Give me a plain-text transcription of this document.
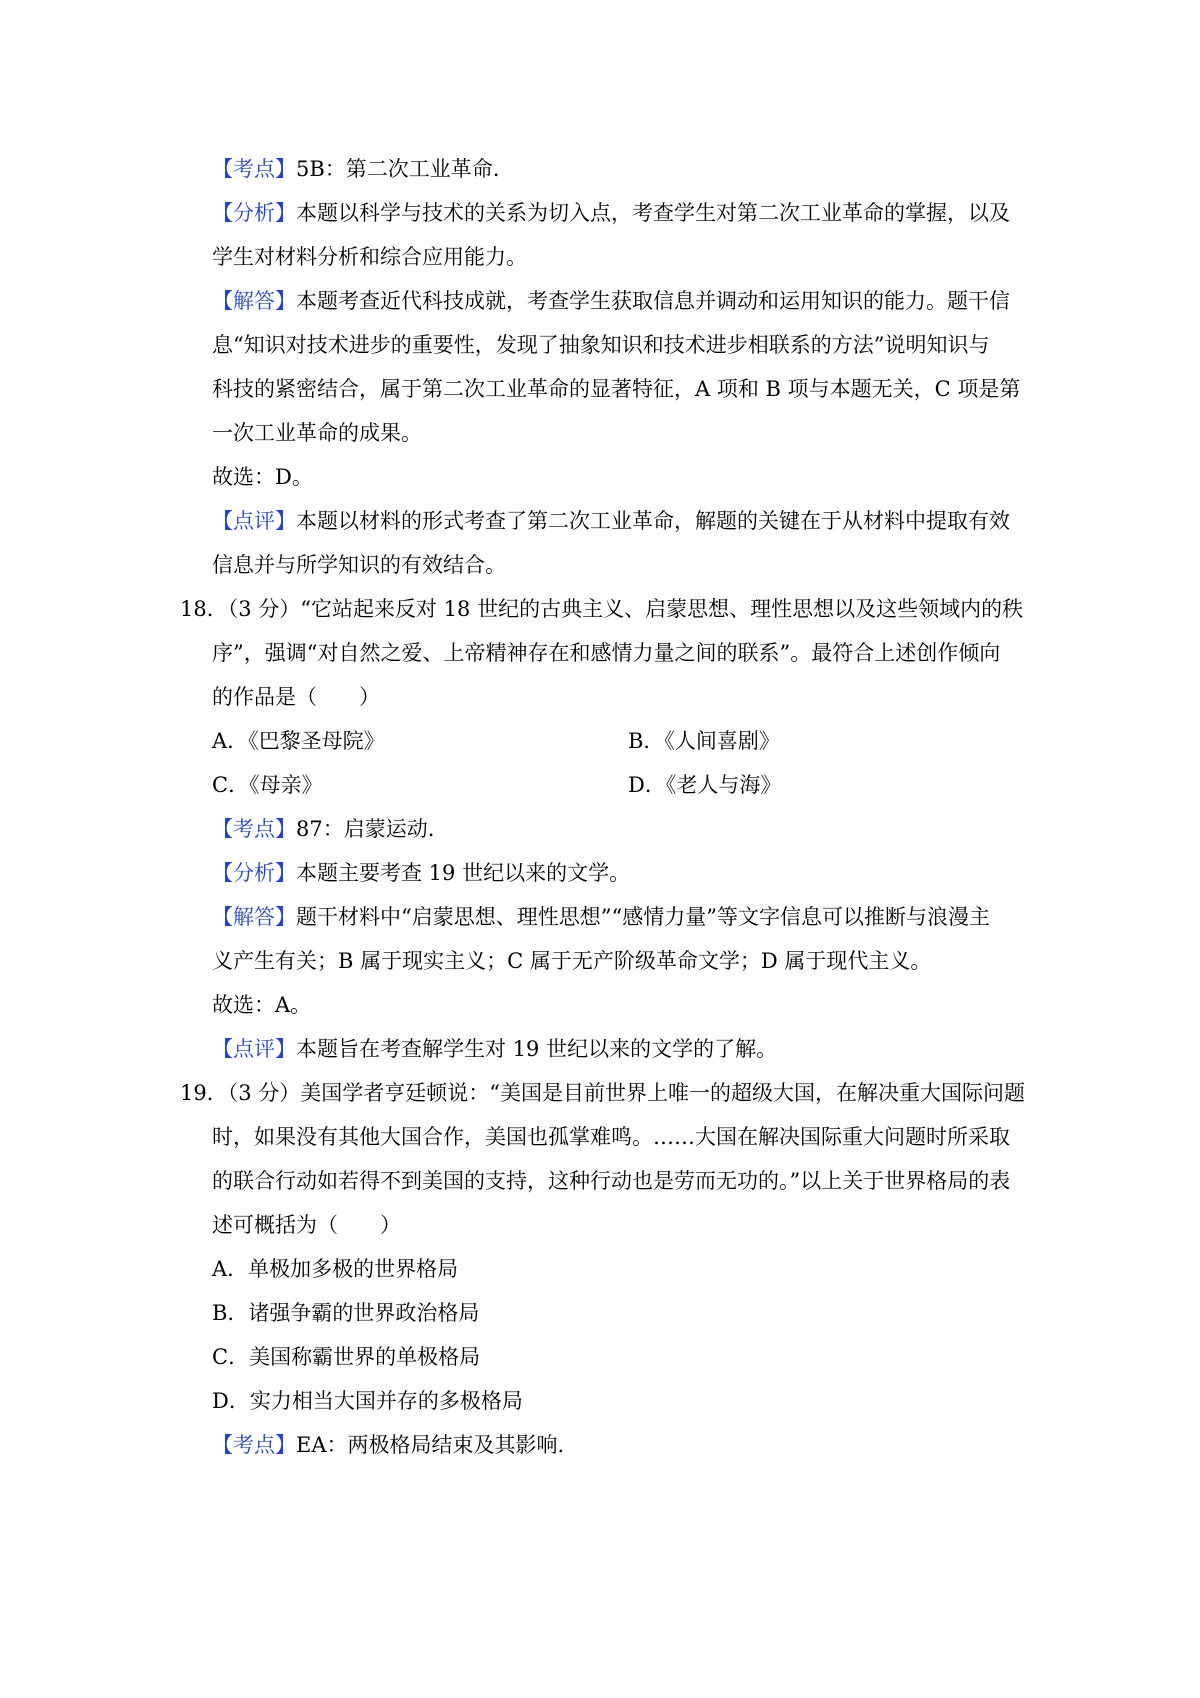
【考点】5B：第二次工业革命.
【分析】本题以科学与技术的关系为切入点，考查学生对第二次工业革命的掌握，以及
学生对材料分析和综合应用能力。
【解答】本题考查近代科技成就，考查学生获取信息并调动和运用知识的能力。题干信
息“知识对技术进步的重要性，发现了抽象知识和技术进步相联系的方法”说明知识与
科技的紧密结合，属于第二次工业革命的显著特征，A 项和 B 项与本题无关，C 项是第
一次工业革命的成果。
故选：D。
【点评】本题以材料的形式考查了第二次工业革命，解题的关键在于从材料中提取有效
信息并与所学知识的有效结合。
18．（3 分）“它站起来反对 18 世纪的古典主义、启蒙思想、理性思想以及这些领域内的秩
序”，强调“对自然之爱、上帝精神存在和感情力量之间的联系”。最符合上述创作倾向
的作品是（　　）
A．《巴黎圣母院》	B．《人间喜剧》
C．《母亲》	D．《老人与海》
【考点】87：启蒙运动.
【分析】本题主要考查 19 世纪以来的文学。
【解答】题干材料中“启蒙思想、理性思想”“感情力量”等文字信息可以推断与浪漫主
义产生有关；B 属于现实主义；C 属于无产阶级革命文学；D 属于现代主义。
故选：A。
【点评】本题旨在考查解学生对 19 世纪以来的文学的了解。
19．（3 分）美国学者亨廷顿说：“美国是目前世界上唯一的超级大国，在解决重大国际问题
时，如果没有其他大国合作，美国也孤掌难鸣。……大国在解决国际重大问题时所采取
的联合行动如若得不到美国的支持，这种行动也是劳而无功的。”以上关于世界格局的表
述可概括为（　　）
A．单极加多极的世界格局
B．诸强争霸的世界政治格局
C．美国称霸世界的单极格局
D．实力相当大国并存的多极格局
【考点】EA：两极格局结束及其影响.
